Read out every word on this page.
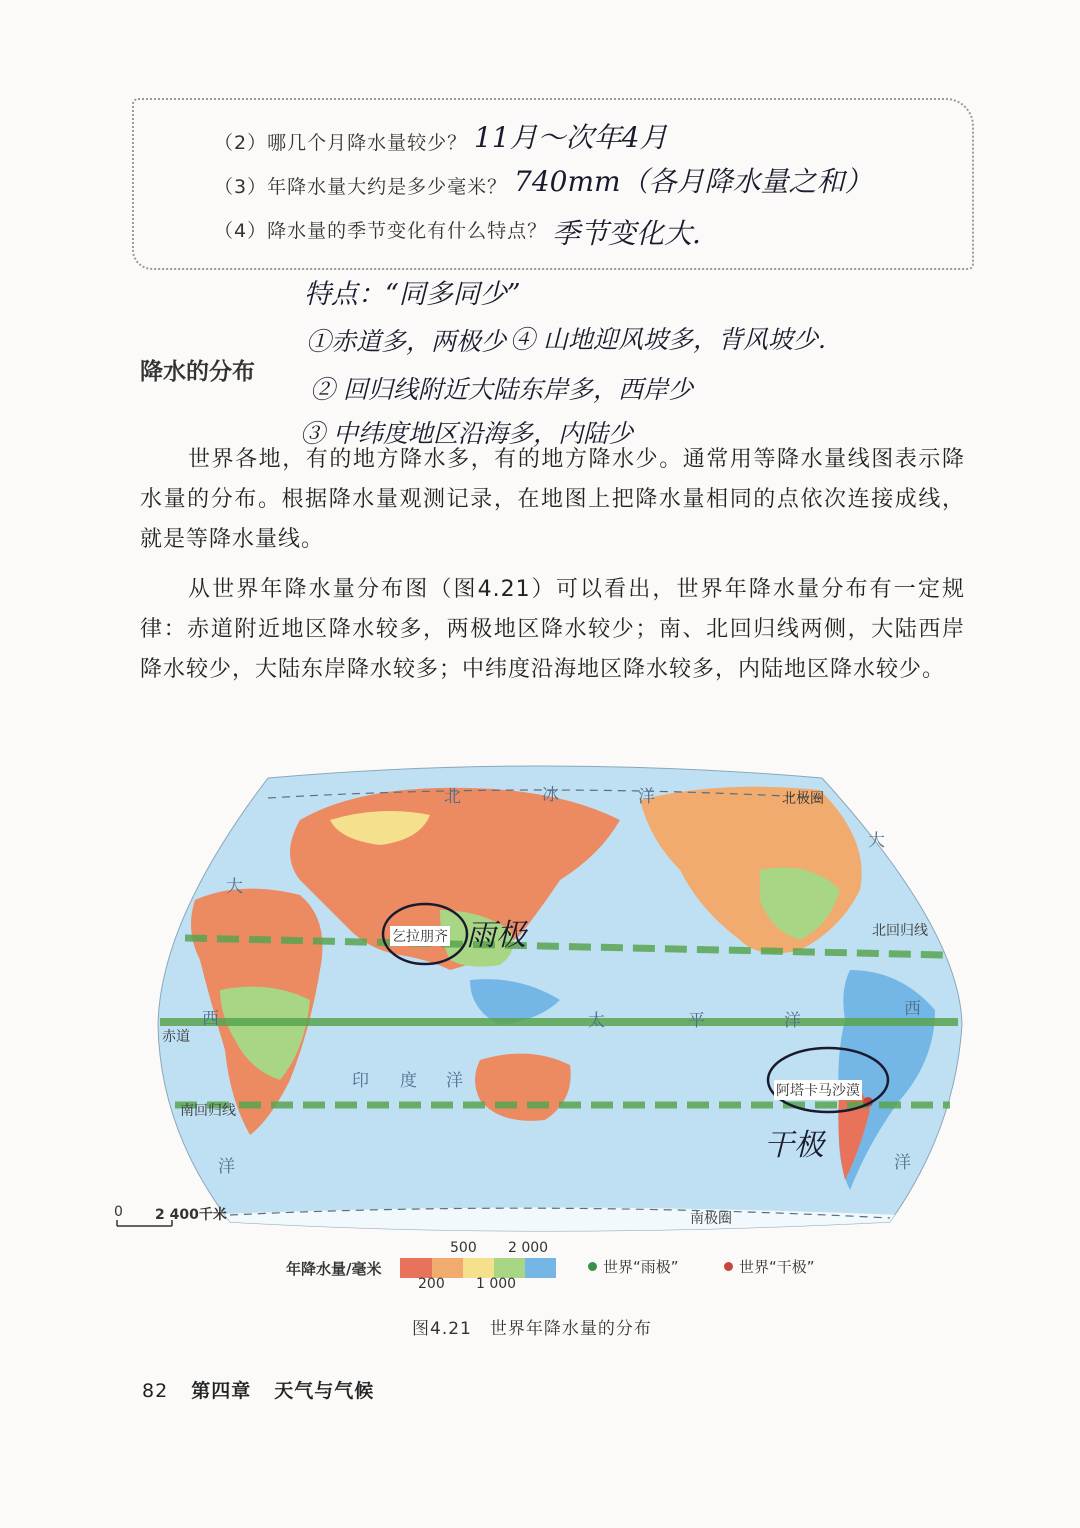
（2）哪几个月降水量较少？
（3）年降水量大约是多少毫米？
（4）降水量的季节变化有什么特点？
11月～次年4月
740mm（各月降水量之和）
季节变化大.
特点：“同多同少”
①赤道多，两极少 ④ 山地迎风坡多，背风坡少.
② 回归线附近大陆东岸多，西岸少
③ 中纬度地区沿海多，内陆少
降水的分布
世界各地，有的地方降水多，有的地方降水少。通常用等降水量线图表示降水量的分布。根据降水量观测记录，在地图上把降水量相同的点依次连接成线，就是等降水量线。
从世界年降水量分布图（图4.21）可以看出，世界年降水量分布有一定规律：赤道附近地区降水较多，两极地区降水较少；南、北回归线两侧，大陆西岸降水较少，大陆东岸降水较多；中纬度沿海地区降水较多，内陆地区降水较少。
北极圈
北回归线
赤道
南回归线
南极圈
乞拉朋齐
阿塔卡马沙漠
0 2 400千米
北	冰	洋
大
西
洋
大
西
洋
太	平	洋
印 度 洋
雨极
干极
年降水量/毫米
500 2 000
200 1 000
世界“雨极”	世界“干极”
图4.21　世界年降水量的分布
82 第四章 天气与气候
